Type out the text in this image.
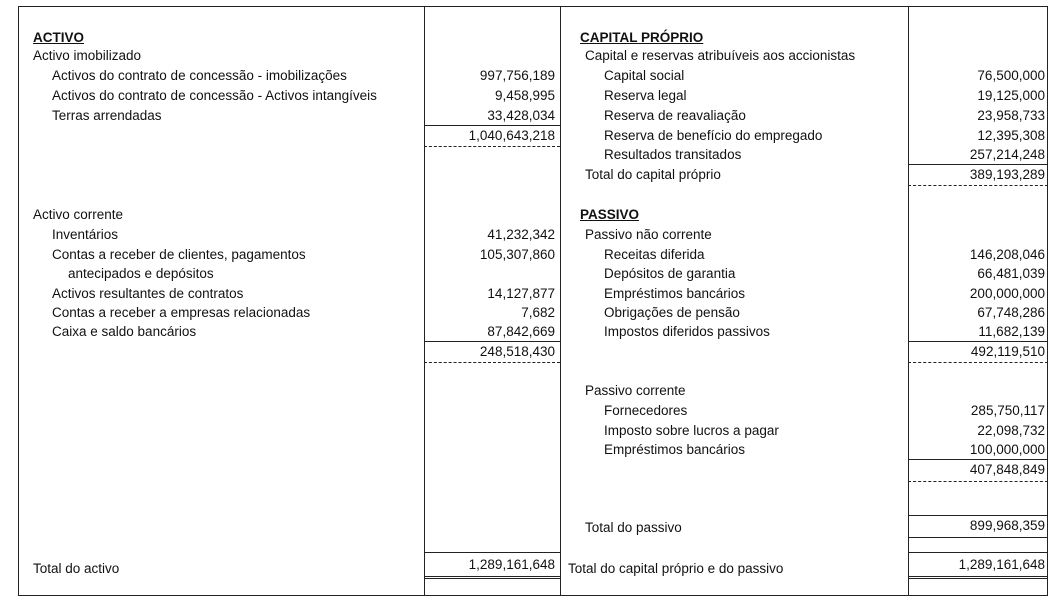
ACTIVO
Activo imobilizado
Activos do contrato de concessão - imobilizações	997,756,189
Activos do contrato de concessão - Activos intangíveis	9,458,995
Terras arrendadas	33,428,034
1,040,643,218
Activo corrente
Inventários	41,232,342
Contas a receber de clientes, pagamentos	105,307,860
antecipados e depósitos
Activos resultantes de contratos	14,127,877
Contas a receber a empresas relacionadas	7,682
Caixa e saldo bancários	87,842,669
248,518,430
Total do activo	1,289,161,648
CAPITAL PRÓPRIO
Capital e reservas atribuíveis aos accionistas
Capital social	76,500,000
Reserva legal	19,125,000
Reserva de reavaliação	23,958,733
Reserva de benefício do empregado	12,395,308
Resultados transitados	257,214,248
Total do capital próprio	389,193,289
PASSIVO
Passivo não corrente
Receitas diferida	146,208,046
Depósitos de garantia	66,481,039
Empréstimos bancários	200,000,000
Obrigações de pensão	67,748,286
Impostos diferidos passivos	11,682,139
492,119,510
Passivo corrente
Fornecedores	285,750,117
Imposto sobre lucros a pagar	22,098,732
Empréstimos bancários	100,000,000
407,848,849
Total do passivo	899,968,359
Total do capital próprio e do passivo	1,289,161,648
